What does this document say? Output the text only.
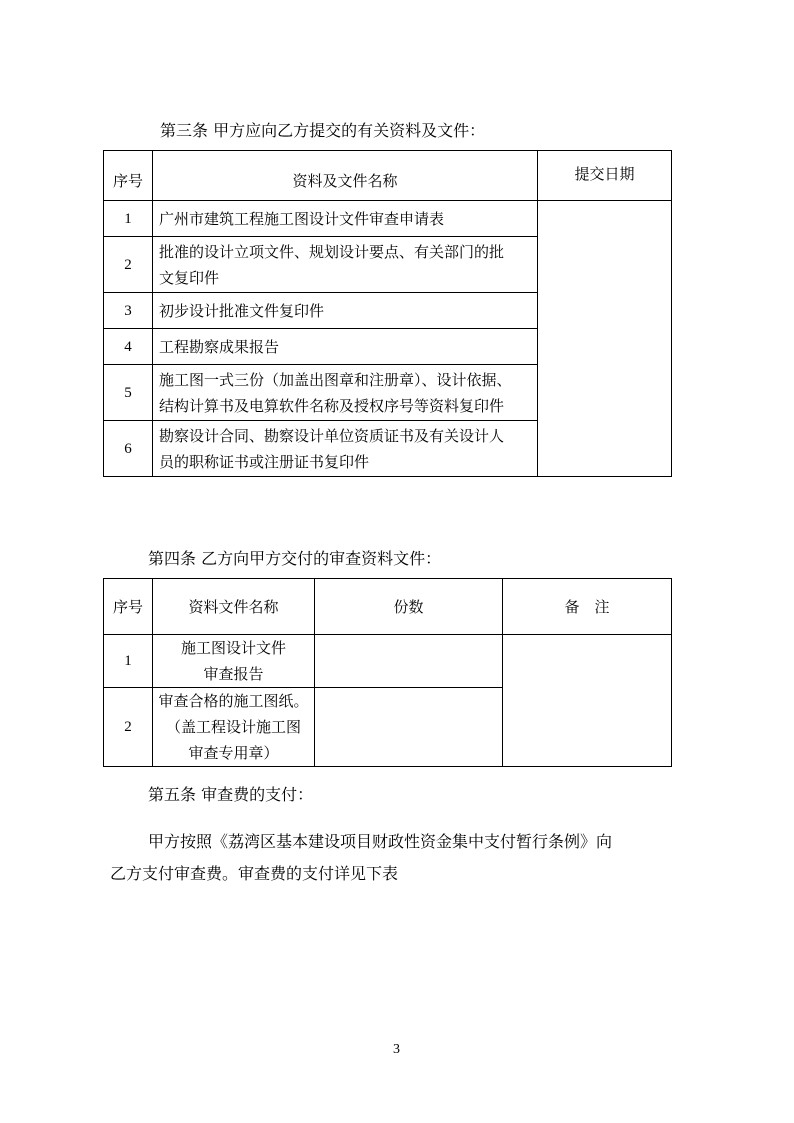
第三条 甲方应向乙方提交的有关资料及文件：
序号	资料及文件名称	提交日期
1	广州市建筑工程施工图设计文件审查申请表	
2	批准的设计立项文件、规划设计要点、有关部门的批
文复印件	

3	初步设计批准文件复印件	
4	工程勘察成果报告	
5	施工图一式三份（加盖出图章和注册章）、设计依据、
结构计算书及电算软件名称及授权序号等资料复印件	

6	勘察设计合同、勘察设计单位资质证书及有关设计人
员的职称证书或注册证书复印件	
第四条 乙方向甲方交付的审查资料文件：
序号	资料文件名称	份数	备　注
1	施工图设计文件
审查报告		

2	审查合格的施工图纸。
（盖工程设计施工图
审查专用章）		

第五条 审查费的支付：
甲方按照《荔湾区基本建设项目财政性资金集中支付暂行条例》向
乙方支付审查费。审查费的支付详见下表
3
